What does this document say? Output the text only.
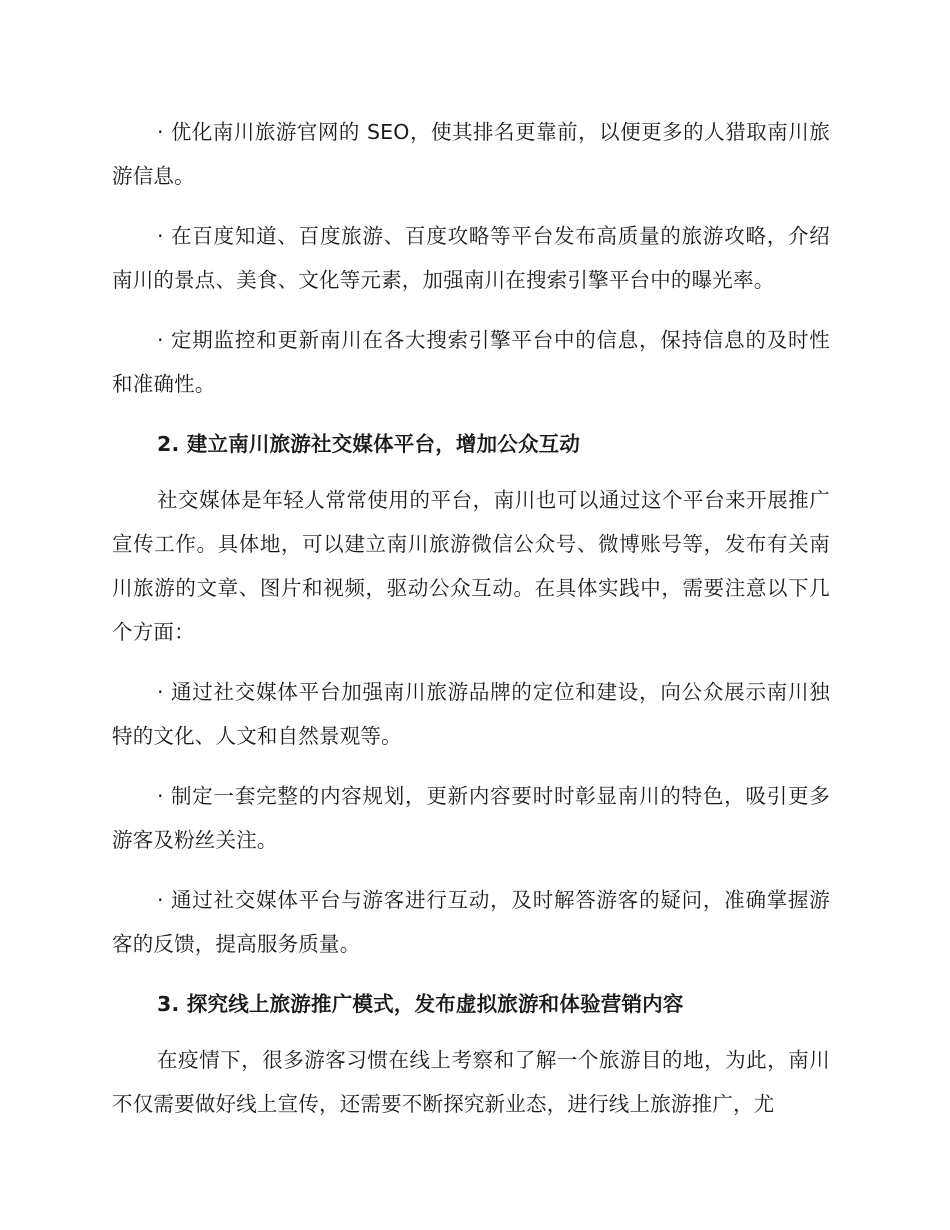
· 优化南川旅游官网的 SEO，使其排名更靠前，以便更多的人猎取南川旅游信息。

· 在百度知道、百度旅游、百度攻略等平台发布高质量的旅游攻略，介绍南川的景点、美食、文化等元素，加强南川在搜索引擎平台中的曝光率。

· 定期监控和更新南川在各大搜索引擎平台中的信息，保持信息的及时性和准确性。

2. 建立南川旅游社交媒体平台，增加公众互动

社交媒体是年轻人常常使用的平台，南川也可以通过这个平台来开展推广宣传工作。具体地，可以建立南川旅游微信公众号、微博账号等，发布有关南川旅游的文章、图片和视频，驱动公众互动。在具体实践中，需要注意以下几个方面：

· 通过社交媒体平台加强南川旅游品牌的定位和建设，向公众展示南川独特的文化、人文和自然景观等。

· 制定一套完整的内容规划，更新内容要时时彰显南川的特色，吸引更多游客及粉丝关注。

· 通过社交媒体平台与游客进行互动，及时解答游客的疑问，准确掌握游客的反馈，提高服务质量。

3. 探究线上旅游推广模式，发布虚拟旅游和体验营销内容

在疫情下，很多游客习惯在线上考察和了解一个旅游目的地，为此，南川不仅需要做好线上宣传，还需要不断探究新业态，进行线上旅游推广，尤
